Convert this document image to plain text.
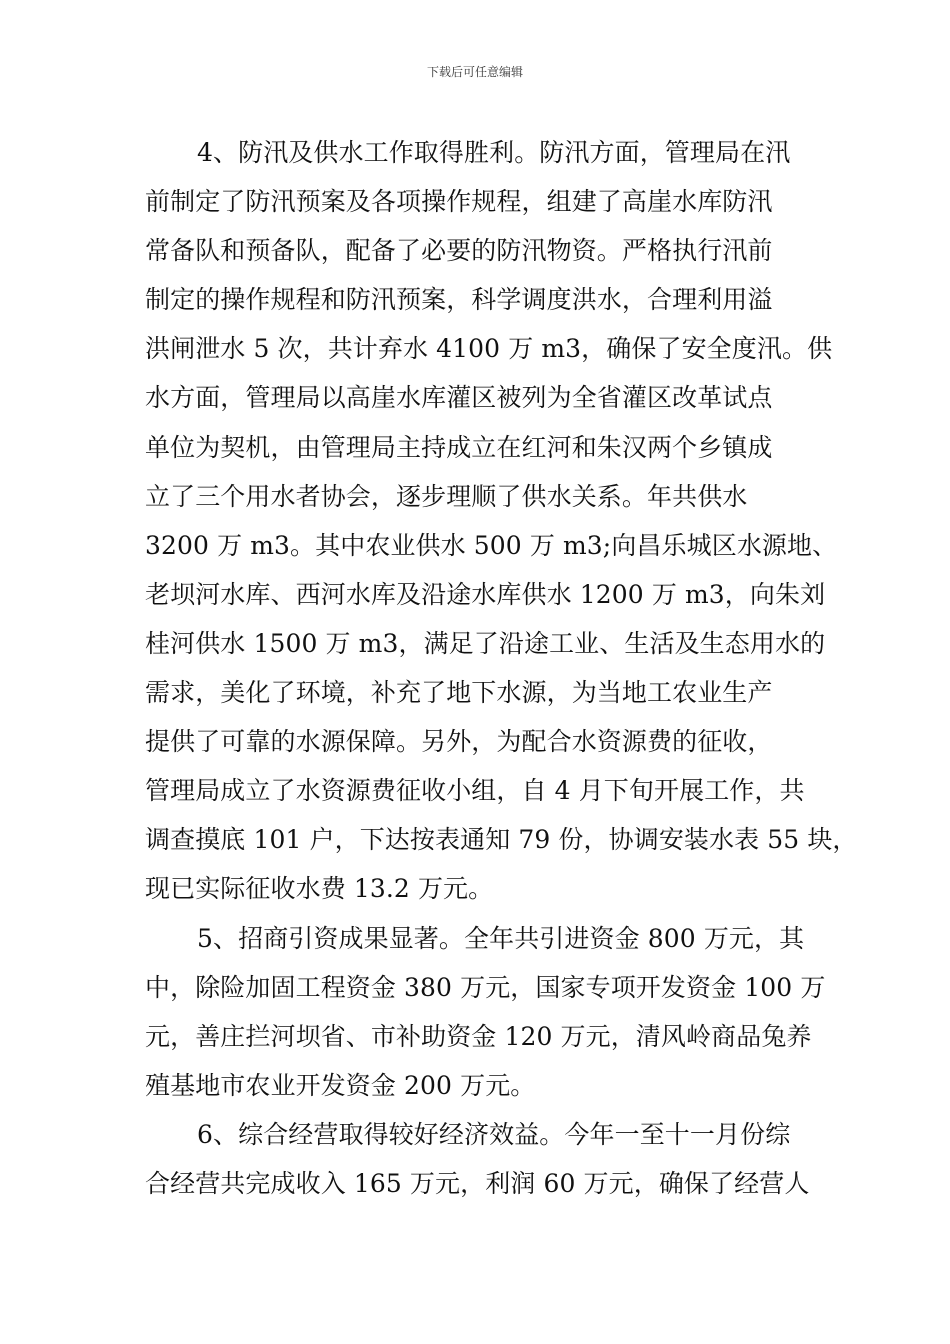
下载后可任意编辑

4、防汛及供水工作取得胜利。防汛方面，管理局在汛

前制定了防汛预案及各项操作规程，组建了高崖水库防汛

常备队和预备队，配备了必要的防汛物资。严格执行汛前

制定的操作规程和防汛预案，科学调度洪水，合理利用溢

洪闸泄水 5 次，共计弃水 4100 万 m3，确保了安全度汛。供

水方面，管理局以高崖水库灌区被列为全省灌区改革试点

单位为契机，由管理局主持成立在红河和朱汉两个乡镇成

立了三个用水者协会，逐步理顺了供水关系。年共供水

3200 万 m3。其中农业供水 500 万 m3;向昌乐城区水源地、

老坝河水库、西河水库及沿途水库供水 1200 万 m3，向朱刘

桂河供水 1500 万 m3，满足了沿途工业、生活及生态用水的

需求，美化了环境，补充了地下水源，为当地工农业生产

提供了可靠的水源保障。另外，为配合水资源费的征收，

管理局成立了水资源费征收小组，自 4 月下旬开展工作，共

调查摸底 101 户，下达按表通知 79 份，协调安装水表 55 块，

现已实际征收水费 13.2 万元。

5、招商引资成果显著。全年共引进资金 800 万元，其

中，除险加固工程资金 380 万元，国家专项开发资金 100 万

元，善庄拦河坝省、市补助资金 120 万元，清风岭商品兔养

殖基地市农业开发资金 200 万元。

6、综合经营取得较好经济效益。今年一至十一月份综

合经营共完成收入 165 万元，利润 60 万元，确保了经营人
